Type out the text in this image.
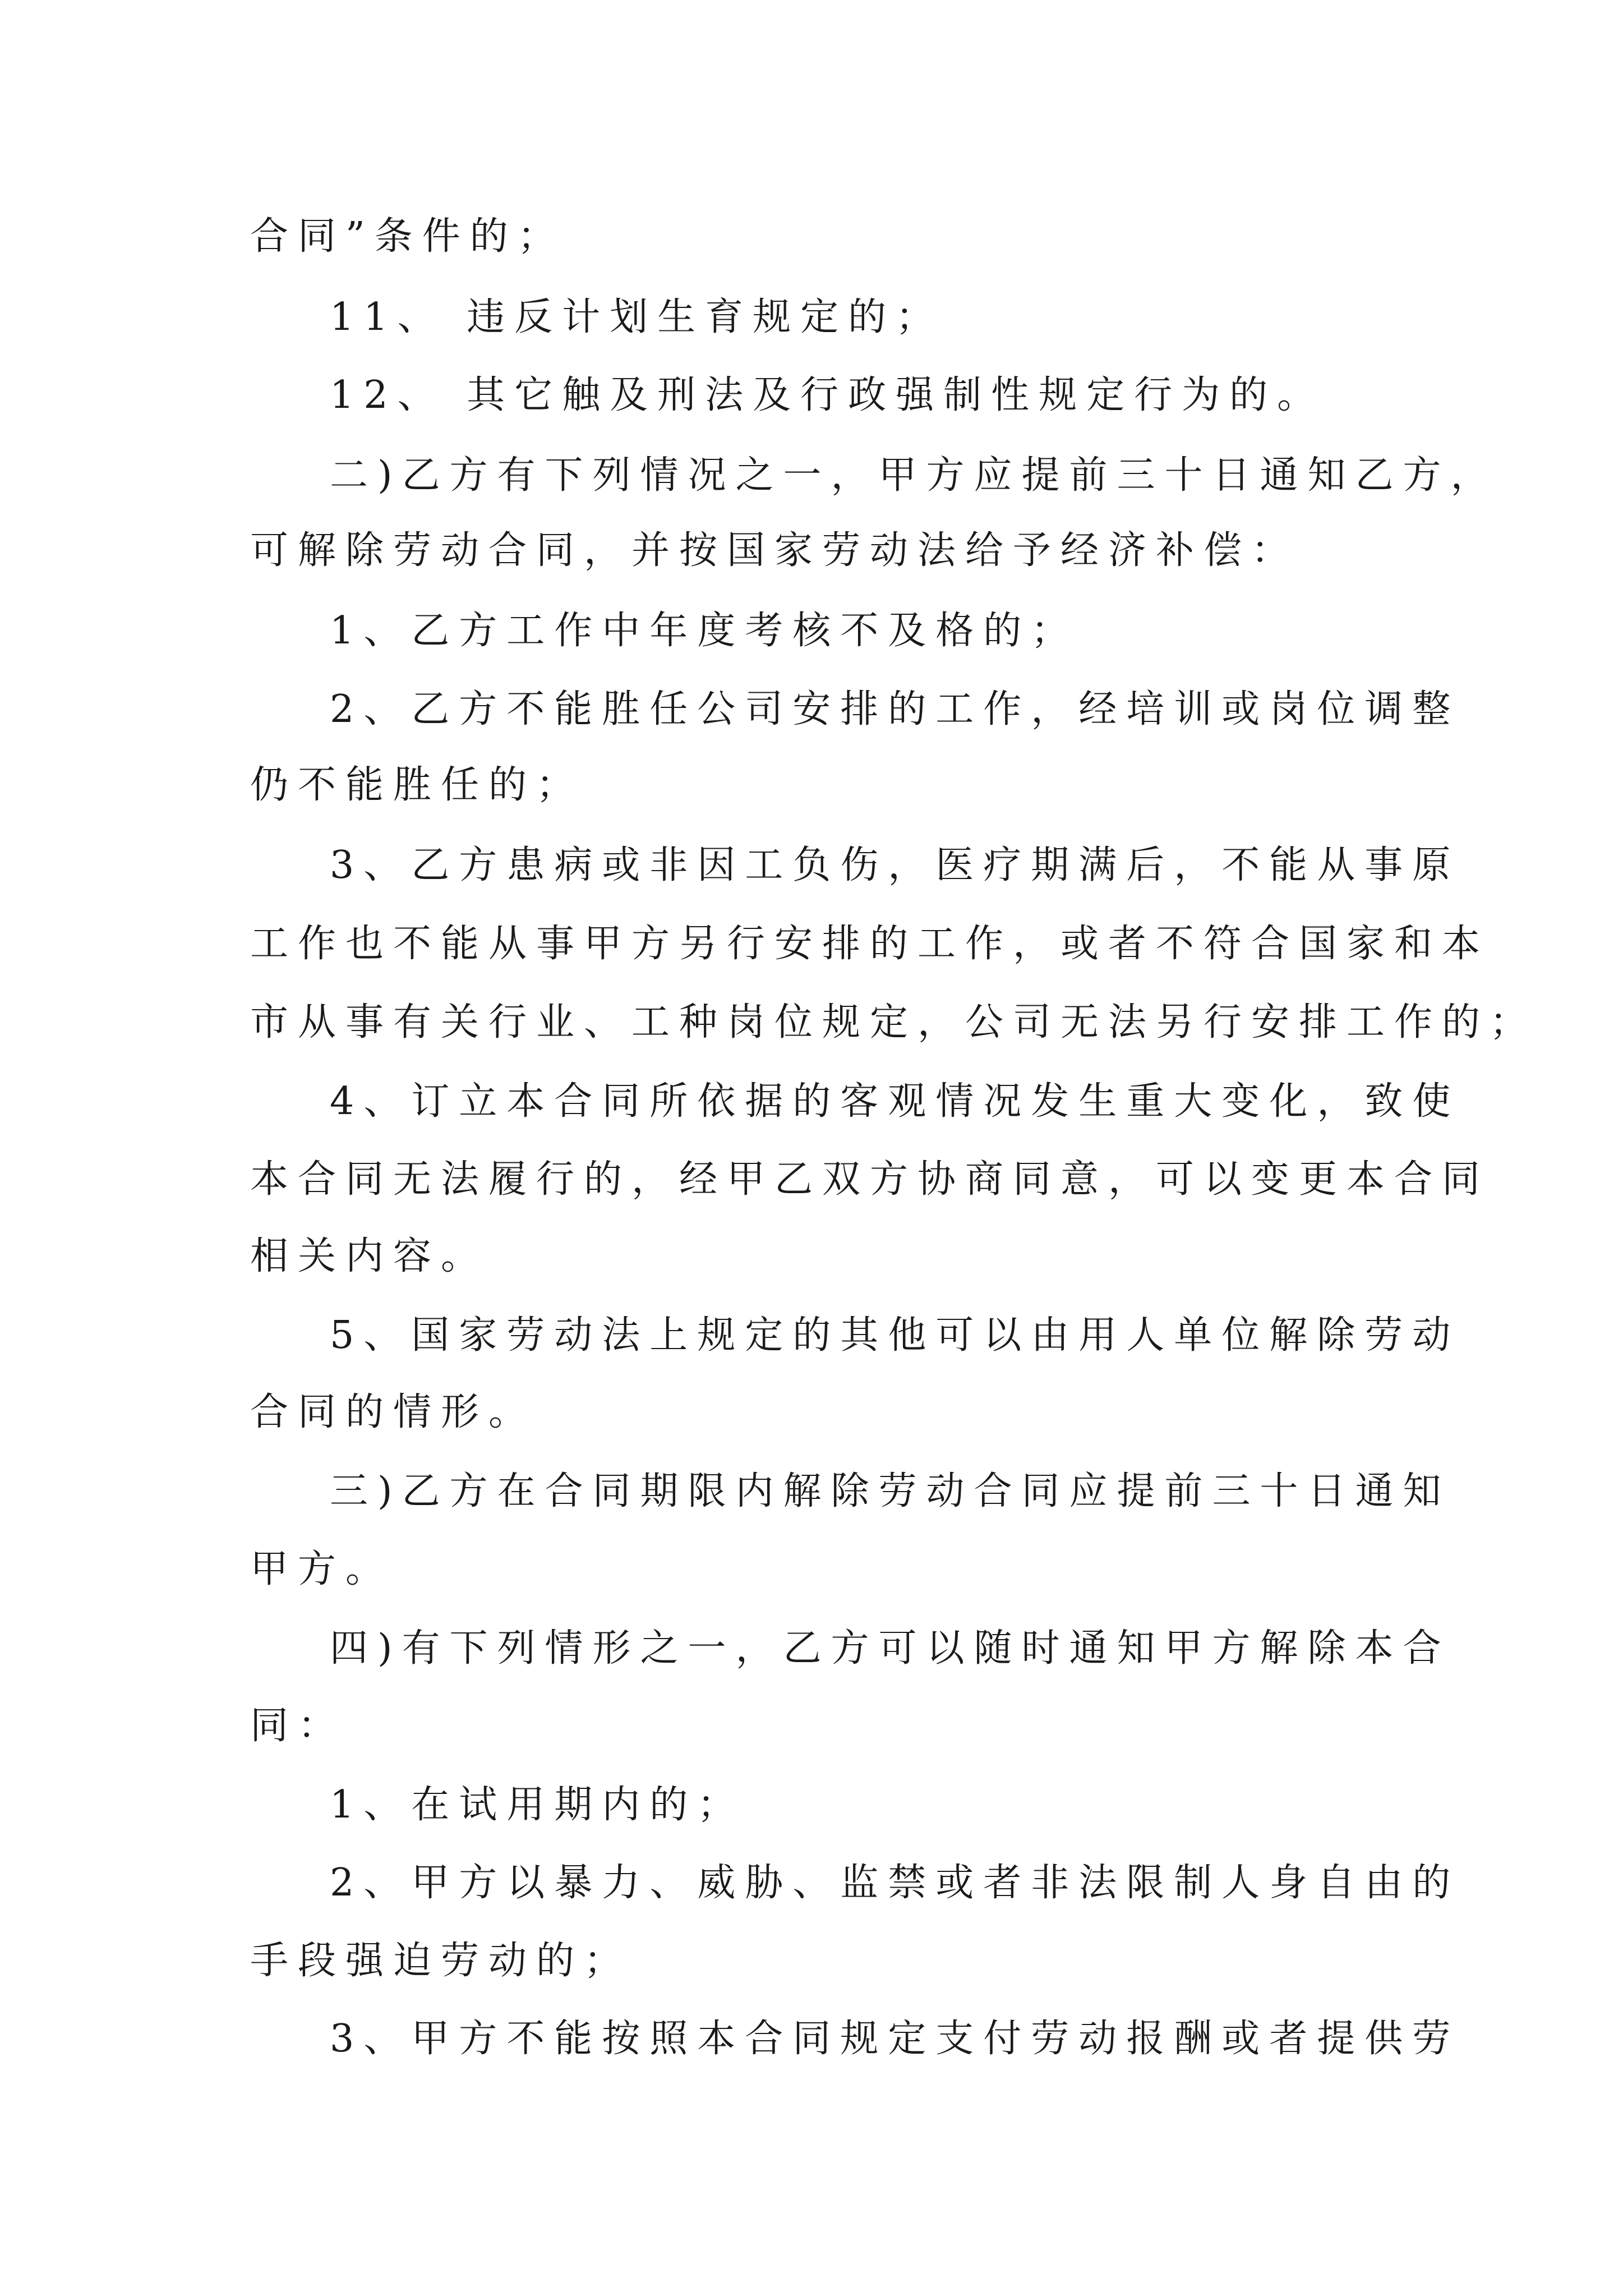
合同”条件的；
11、 违反计划生育规定的；
12、 其它触及刑法及行政强制性规定行为的。
二)乙方有下列情况之一，甲方应提前三十日通知乙方，
可解除劳动合同，并按国家劳动法给予经济补偿：
1、乙方工作中年度考核不及格的；
2、乙方不能胜任公司安排的工作，经培训或岗位调整
仍不能胜任的；
3、乙方患病或非因工负伤，医疗期满后，不能从事原
工作也不能从事甲方另行安排的工作，或者不符合国家和本
市从事有关行业、工种岗位规定，公司无法另行安排工作的；
4、订立本合同所依据的客观情况发生重大变化，致使
本合同无法履行的，经甲乙双方协商同意，可以变更本合同
相关内容。
5、国家劳动法上规定的其他可以由用人单位解除劳动
合同的情形。
三)乙方在合同期限内解除劳动合同应提前三十日通知
甲方。
四)有下列情形之一，乙方可以随时通知甲方解除本合
同：
1、在试用期内的；
2、甲方以暴力、威胁、监禁或者非法限制人身自由的
手段强迫劳动的；
3、甲方不能按照本合同规定支付劳动报酬或者提供劳
